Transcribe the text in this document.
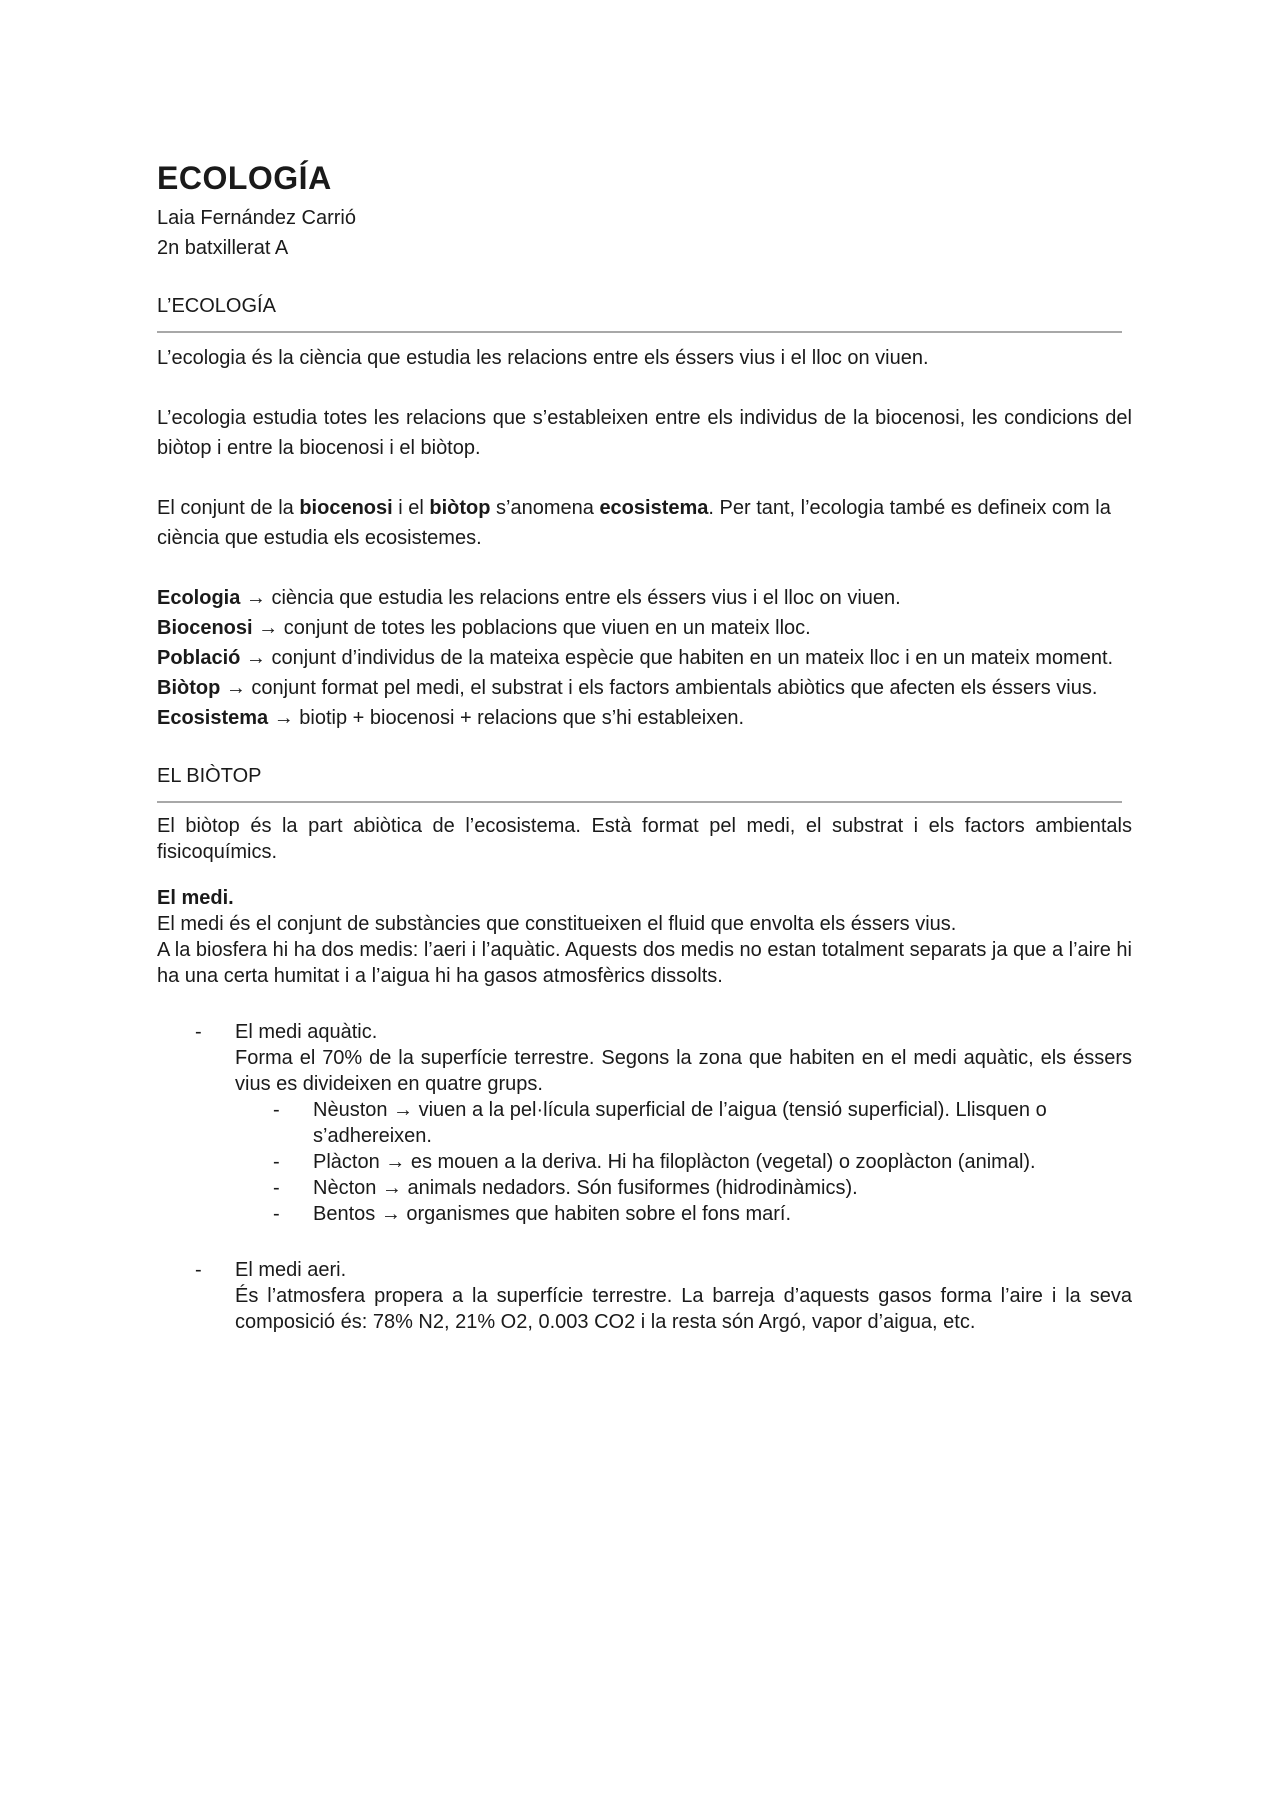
ECOLOGÍA
Laia Fernández Carrió
2n batxillerat A
L’ECOLOGÍA

L’ecologia és la ciència que estudia les relacions entre els éssers vius i el lloc on viuen.

L’ecologia estudia totes les relacions que s’estableixen entre els individus de la biocenosi, les condicions del biòtop i entre la biocenosi i el biòtop.

El conjunt de la biocenosi i el biòtop s’anomena ecosistema. Per tant, l’ecologia també es defineix com la ciència que estudia els ecosistemes.

Ecologia → ciència que estudia les relacions entre els éssers vius i el lloc on viuen.

Biocenosi → conjunt de totes les poblacions que viuen en un mateix lloc.

Població → conjunt d’individus de la mateixa espècie que habiten en un mateix lloc i en un mateix moment.

Biòtop → conjunt format pel medi, el substrat i els factors ambientals abiòtics que afecten els éssers vius.

Ecosistema → biotip + biocenosi + relacions que s’hi estableixen.

EL BIÒTOP

El biòtop és la part abiòtica de l’ecosistema. Està format pel medi, el substrat i els factors ambientals fisicoquímics.

El medi.

El medi és el conjunt de substàncies que constitueixen el fluid que envolta els éssers vius.

A la biosfera hi ha dos medis: l’aeri i l’aquàtic. Aquests dos medis no estan totalment separats ja que a l’aire hi ha una certa humitat i a l’aigua hi ha gasos atmosfèrics dissolts.

- El medi aquàtic.

Forma el 70% de la superfície terrestre. Segons la zona que habiten en el medi aquàtic, els éssers vius es divideixen en quatre grups.

- Nèuston → viuen a la pel·lícula superficial de l’aigua (tensió superficial). Llisquen o s’adhereixen.

- Plàcton → es mouen a la deriva. Hi ha filoplàcton (vegetal) o zooplàcton (animal).

- Nècton → animals nedadors. Són fusiformes (hidrodinàmics).

- Bentos → organismes que habiten sobre el fons marí.

- El medi aeri.

És l’atmosfera propera a la superfície terrestre. La barreja d’aquests gasos forma l’aire i la seva composició és: 78% N2, 21% O2, 0.003 CO2 i la resta són Argó, vapor d’aigua, etc.
